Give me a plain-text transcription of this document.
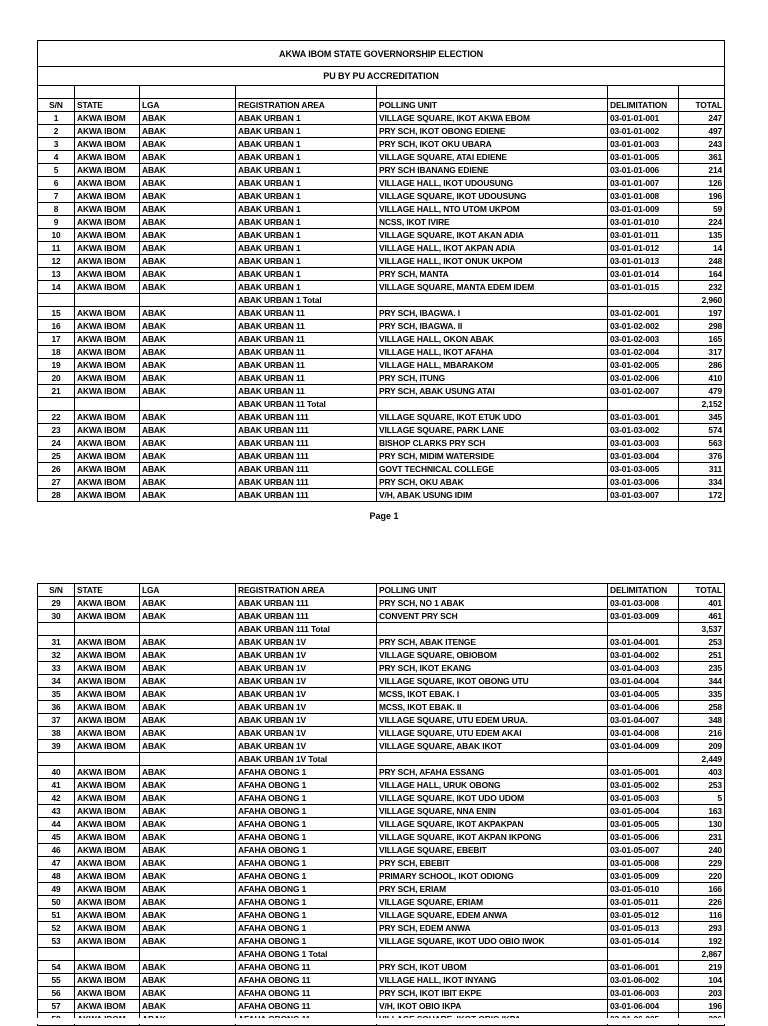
AKWA IBOM STATE GOVERNORSHIP ELECTION						
PU BY PU ACCREDITATION						

S/N	STATE	LGA	REGISTRATION AREA	POLLING UNIT	DELIMITATION	TOTAL
1	AKWA IBOM	ABAK	ABAK URBAN 1	VILLAGE SQUARE, IKOT AKWA EBOM	03-01-01-001	247
2	AKWA IBOM	ABAK	ABAK URBAN 1	PRY SCH, IKOT OBONG EDIENE	03-01-01-002	497
3	AKWA IBOM	ABAK	ABAK URBAN 1	PRY SCH, IKOT OKU UBARA	03-01-01-003	243
4	AKWA IBOM	ABAK	ABAK URBAN 1	VILLAGE SQUARE, ATAI EDIENE	03-01-01-005	361
5	AKWA IBOM	ABAK	ABAK URBAN 1	PRY SCH IBANANG EDIENE	03-01-01-006	214
6	AKWA IBOM	ABAK	ABAK URBAN 1	VILLAGE HALL, IKOT UDOUSUNG	03-01-01-007	126
7	AKWA IBOM	ABAK	ABAK URBAN 1	VILLAGE SQUARE, IKOT UDOUSUNG	03-01-01-008	196
8	AKWA IBOM	ABAK	ABAK URBAN 1	VILLAGE HALL, NTO UTOM UKPOM	03-01-01-009	59
9	AKWA IBOM	ABAK	ABAK URBAN 1	NCSS, IKOT IVIRE	03-01-01-010	224
10	AKWA IBOM	ABAK	ABAK URBAN 1	VILLAGE SQUARE, IKOT AKAN ADIA	03-01-01-011	135
11	AKWA IBOM	ABAK	ABAK URBAN 1	VILLAGE HALL, IKOT AKPAN ADIA	03-01-01-012	14
12	AKWA IBOM	ABAK	ABAK URBAN 1	VILLAGE HALL, IKOT ONUK UKPOM	03-01-01-013	248
13	AKWA IBOM	ABAK	ABAK URBAN 1	PRY SCH, MANTA	03-01-01-014	164
14	AKWA IBOM	ABAK	ABAK URBAN 1	VILLAGE SQUARE, MANTA EDEM IDEM	03-01-01-015	232
			ABAK URBAN 1 Total			2,960
15	AKWA IBOM	ABAK	ABAK URBAN 11	PRY SCH, IBAGWA. I	03-01-02-001	197
16	AKWA IBOM	ABAK	ABAK URBAN 11	PRY SCH, IBAGWA. II	03-01-02-002	298
17	AKWA IBOM	ABAK	ABAK URBAN 11	VILLAGE HALL, OKON ABAK	03-01-02-003	165
18	AKWA IBOM	ABAK	ABAK URBAN 11	VILLAGE HALL, IKOT AFAHA	03-01-02-004	317
19	AKWA IBOM	ABAK	ABAK URBAN 11	VILLAGE HALL, MBARAKOM	03-01-02-005	286
20	AKWA IBOM	ABAK	ABAK URBAN 11	PRY SCH, ITUNG	03-01-02-006	410
21	AKWA IBOM	ABAK	ABAK URBAN 11	PRY SCH, ABAK USUNG ATAI	03-01-02-007	479
			ABAK URBAN 11 Total			2,152
22	AKWA IBOM	ABAK	ABAK URBAN 111	VILLAGE SQUARE, IKOT ETUK UDO	03-01-03-001	345
23	AKWA IBOM	ABAK	ABAK URBAN 111	VILLAGE SQUARE, PARK LANE	03-01-03-002	574
24	AKWA IBOM	ABAK	ABAK URBAN 111	BISHOP CLARKS PRY SCH	03-01-03-003	563
25	AKWA IBOM	ABAK	ABAK URBAN 111	PRY SCH, MIDIM WATERSIDE	03-01-03-004	376
26	AKWA IBOM	ABAK	ABAK URBAN 111	GOVT TECHNICAL COLLEGE	03-01-03-005	311
27	AKWA IBOM	ABAK	ABAK URBAN 111	PRY SCH, OKU ABAK	03-01-03-006	334
28	AKWA IBOM	ABAK	ABAK URBAN 111	V/H, ABAK USUNG IDIM	03-01-03-007	172
Page 1
S/N	STATE	LGA	REGISTRATION AREA	POLLING UNIT	DELIMITATION	TOTAL
29	AKWA IBOM	ABAK	ABAK URBAN 111	PRY SCH, NO 1 ABAK	03-01-03-008	401
30	AKWA IBOM	ABAK	ABAK URBAN 111	CONVENT PRY SCH	03-01-03-009	461
			ABAK URBAN 111 Total			3,537
31	AKWA IBOM	ABAK	ABAK URBAN 1V	PRY SCH, ABAK ITENGE	03-01-04-001	253
32	AKWA IBOM	ABAK	ABAK URBAN 1V	VILLAGE SQUARE, OBIOBOM	03-01-04-002	251
33	AKWA IBOM	ABAK	ABAK URBAN 1V	PRY SCH, IKOT EKANG	03-01-04-003	235
34	AKWA IBOM	ABAK	ABAK URBAN 1V	VILLAGE SQUARE, IKOT OBONG UTU	03-01-04-004	344
35	AKWA IBOM	ABAK	ABAK URBAN 1V	MCSS, IKOT EBAK. I	03-01-04-005	335
36	AKWA IBOM	ABAK	ABAK URBAN 1V	MCSS, IKOT EBAK. II	03-01-04-006	258
37	AKWA IBOM	ABAK	ABAK URBAN 1V	VILLAGE SQUARE, UTU EDEM URUA.	03-01-04-007	348
38	AKWA IBOM	ABAK	ABAK URBAN 1V	VILLAGE SQUARE, UTU EDEM AKAI	03-01-04-008	216
39	AKWA IBOM	ABAK	ABAK URBAN 1V	VILLAGE SQUARE, ABAK IKOT	03-01-04-009	209
			ABAK URBAN 1V Total			2,449
40	AKWA IBOM	ABAK	AFAHA OBONG 1	PRY SCH, AFAHA ESSANG	03-01-05-001	403
41	AKWA IBOM	ABAK	AFAHA OBONG 1	VILLAGE HALL, URUK OBONG	03-01-05-002	253
42	AKWA IBOM	ABAK	AFAHA OBONG 1	VILLAGE SQUARE, IKOT UDO UDOM	03-01-05-003	5
43	AKWA IBOM	ABAK	AFAHA OBONG 1	VILLAGE SQUARE, NNA ENIN	03-01-05-004	163
44	AKWA IBOM	ABAK	AFAHA OBONG 1	VILLAGE SQUARE, IKOT AKPAKPAN	03-01-05-005	130
45	AKWA IBOM	ABAK	AFAHA OBONG 1	VILLAGE SQUARE, IKOT AKPAN IKPONG	03-01-05-006	231
46	AKWA IBOM	ABAK	AFAHA OBONG 1	VILLAGE SQUARE, EBEBIT	03-01-05-007	240
47	AKWA IBOM	ABAK	AFAHA OBONG 1	PRY SCH, EBEBIT	03-01-05-008	229
48	AKWA IBOM	ABAK	AFAHA OBONG 1	PRIMARY SCHOOL, IKOT ODIONG	03-01-05-009	220
49	AKWA IBOM	ABAK	AFAHA OBONG 1	PRY SCH, ERIAM	03-01-05-010	166
50	AKWA IBOM	ABAK	AFAHA OBONG 1	VILLAGE SQUARE, ERIAM	03-01-05-011	226
51	AKWA IBOM	ABAK	AFAHA OBONG 1	VILLAGE SQUARE, EDEM ANWA	03-01-05-012	116
52	AKWA IBOM	ABAK	AFAHA OBONG 1	PRY SCH, EDEM ANWA	03-01-05-013	293
53	AKWA IBOM	ABAK	AFAHA OBONG 1	VILLAGE SQUARE, IKOT UDO OBIO IWOK	03-01-05-014	192
			AFAHA OBONG 1 Total			2,867
54	AKWA IBOM	ABAK	AFAHA OBONG 11	PRY SCH, IKOT UBOM	03-01-06-001	219
55	AKWA IBOM	ABAK	AFAHA OBONG 11	VILLAGE HALL, IKOT INYANG	03-01-06-002	104
56	AKWA IBOM	ABAK	AFAHA OBONG 11	PRY SCH, IKOT IBIT EKPE	03-01-06-003	203
57	AKWA IBOM	ABAK	AFAHA OBONG 11	V/H, IKOT OBIO IKPA	03-01-06-004	196
